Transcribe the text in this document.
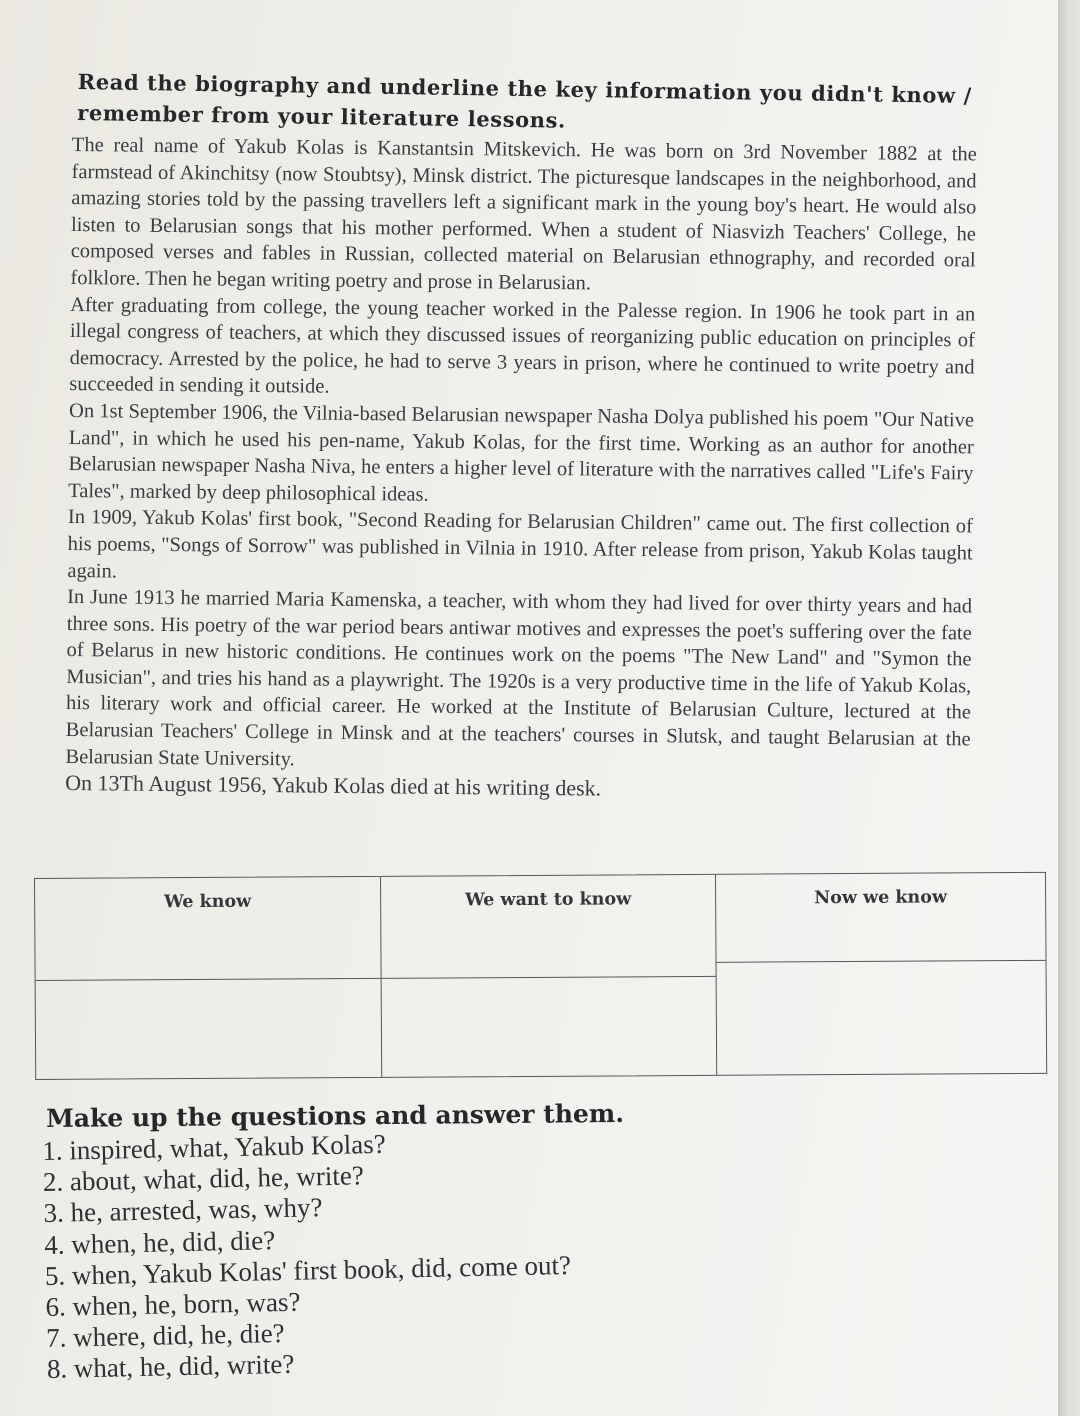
Read the biography and underline the key information you didn't know / remember from your literature lessons.

The real name of Yakub Kolas is Kanstantsin Mitskevich. He was born on 3rd November 1882 at the farmstead of Akinchitsy (now Stoubtsy), Minsk district. The picturesque landscapes in the neighborhood, and amazing stories told by the passing travellers left a significant mark in the young boy's heart. He would also listen to Belarusian songs that his mother performed. When a student of Niasvizh Teachers' College, he composed verses and fables in Russian, collected material on Belarusian ethnography, and recorded oral folklore. Then he began writing poetry and prose in Belarusian.

After graduating from college, the young teacher worked in the Palesse region. In 1906 he took part in an illegal congress of teachers, at which they discussed issues of reorganizing public education on principles of democracy. Arrested by the police, he had to serve 3 years in prison, where he continued to write poetry and succeeded in sending it outside.

On 1st September 1906, the Vilnia-based Belarusian newspaper Nasha Dolya published his poem "Our Native Land", in which he used his pen-name, Yakub Kolas, for the first time. Working as an author for another Belarusian newspaper Nasha Niva, he enters a higher level of literature with the narratives called "Life's Fairy Tales", marked by deep philosophical ideas.

In 1909, Yakub Kolas' first book, "Second Reading for Belarusian Children" came out. The first collection of his poems, "Songs of Sorrow" was published in Vilnia in 1910. After release from prison, Yakub Kolas taught again.

In June 1913 he married Maria Kamenska, a teacher, with whom they had lived for over thirty years and had three sons. His poetry of the war period bears antiwar motives and expresses the poet's suffering over the fate of Belarus in new historic conditions. He continues work on the poems "The New Land" and "Symon the Musician", and tries his hand as a playwright. The 1920s is a very productive time in the life of Yakub Kolas, his literary work and official career. He worked at the Institute of Belarusian Culture, lectured at the Belarusian Teachers' College in Minsk and at the teachers' courses in Slutsk, and taught Belarusian at the Belarusian State University.

On 13Th August 1956, Yakub Kolas died at his writing desk.

We know	We want to know	Now we know

Make up the questions and answer them.

1. inspired, what, Yakub Kolas?
2. about, what, did, he, write?
3. he, arrested, was, why?
4. when, he, did, die?
5. when, Yakub Kolas' first book, did, come out?
6. when, he, born, was?
7. where, did, he, die?
8. what, he, did, write?
